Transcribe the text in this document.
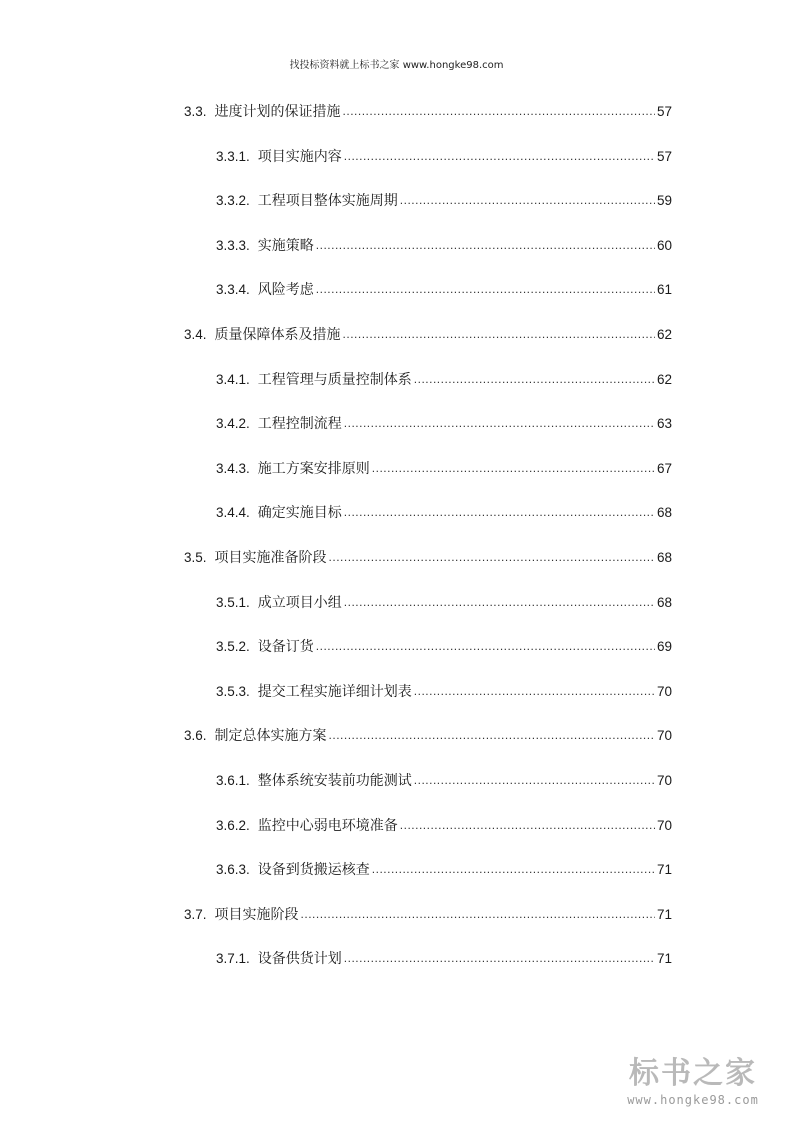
找投标资料就上标书之家 www.hongke98.com
3.3. 进度计划的保证措施 .....	57
3.3.1. 项目实施内容 .....	57
3.3.2. 工程项目整体实施周期 .....	59
3.3.3. 实施策略 .....	60
3.3.4. 风险考虑 .....	61
3.4. 质量保障体系及措施 .....	62
3.4.1. 工程管理与质量控制体系 .....	62
3.4.2. 工程控制流程 .....	63
3.4.3. 施工方案安排原则 .....	67
3.4.4. 确定实施目标 .....	68
3.5. 项目实施准备阶段 .....	68
3.5.1. 成立项目小组 .....	68
3.5.2. 设备订货 .....	69
3.5.3. 提交工程实施详细计划表 .....	70
3.6. 制定总体实施方案 .....	70
3.6.1. 整体系统安装前功能测试 .....	70
3.6.2. 监控中心弱电环境准备 .....	70
3.6.3. 设备到货搬运核查 .....	71
3.7. 项目实施阶段 .....	71
3.7.1. 设备供货计划 .....	71
标书之家
www.hongke98.com
